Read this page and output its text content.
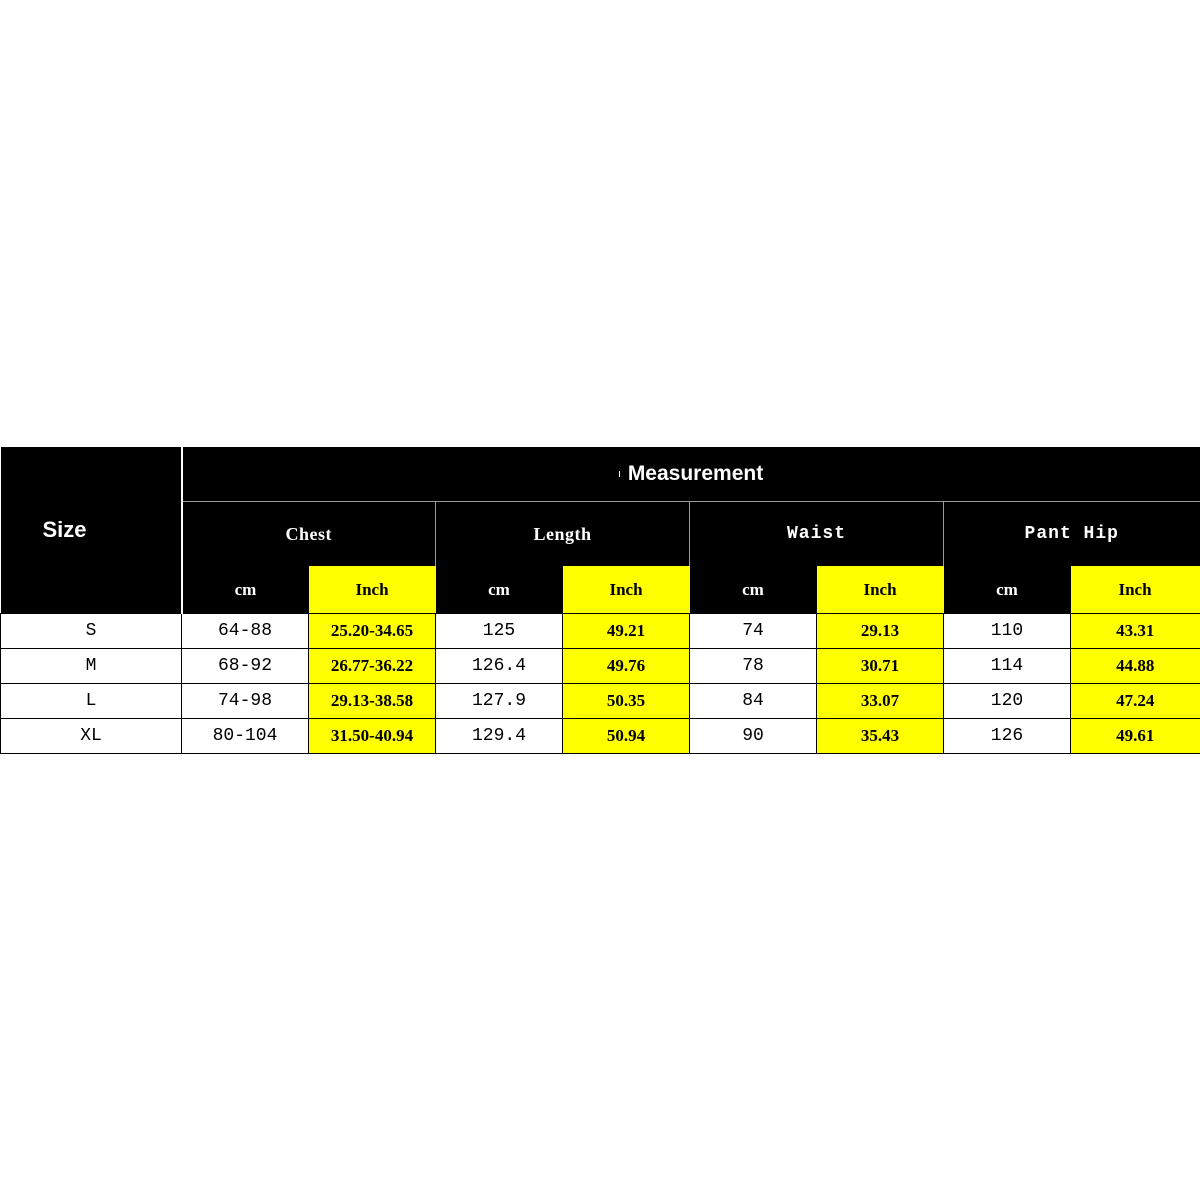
Size	Measurement							
	Chest		Length		Waist		Pant Hip	
	cm	Inch	cm	Inch	cm	Inch	cm	Inch
S	64-88	25.20-34.65	125	49.21	74	29.13	110	43.31
M	68-92	26.77-36.22	126.4	49.76	78	30.71	114	44.88
L	74-98	29.13-38.58	127.9	50.35	84	33.07	120	47.24
XL	80-104	31.50-40.94	129.4	50.94	90	35.43	126	49.61
